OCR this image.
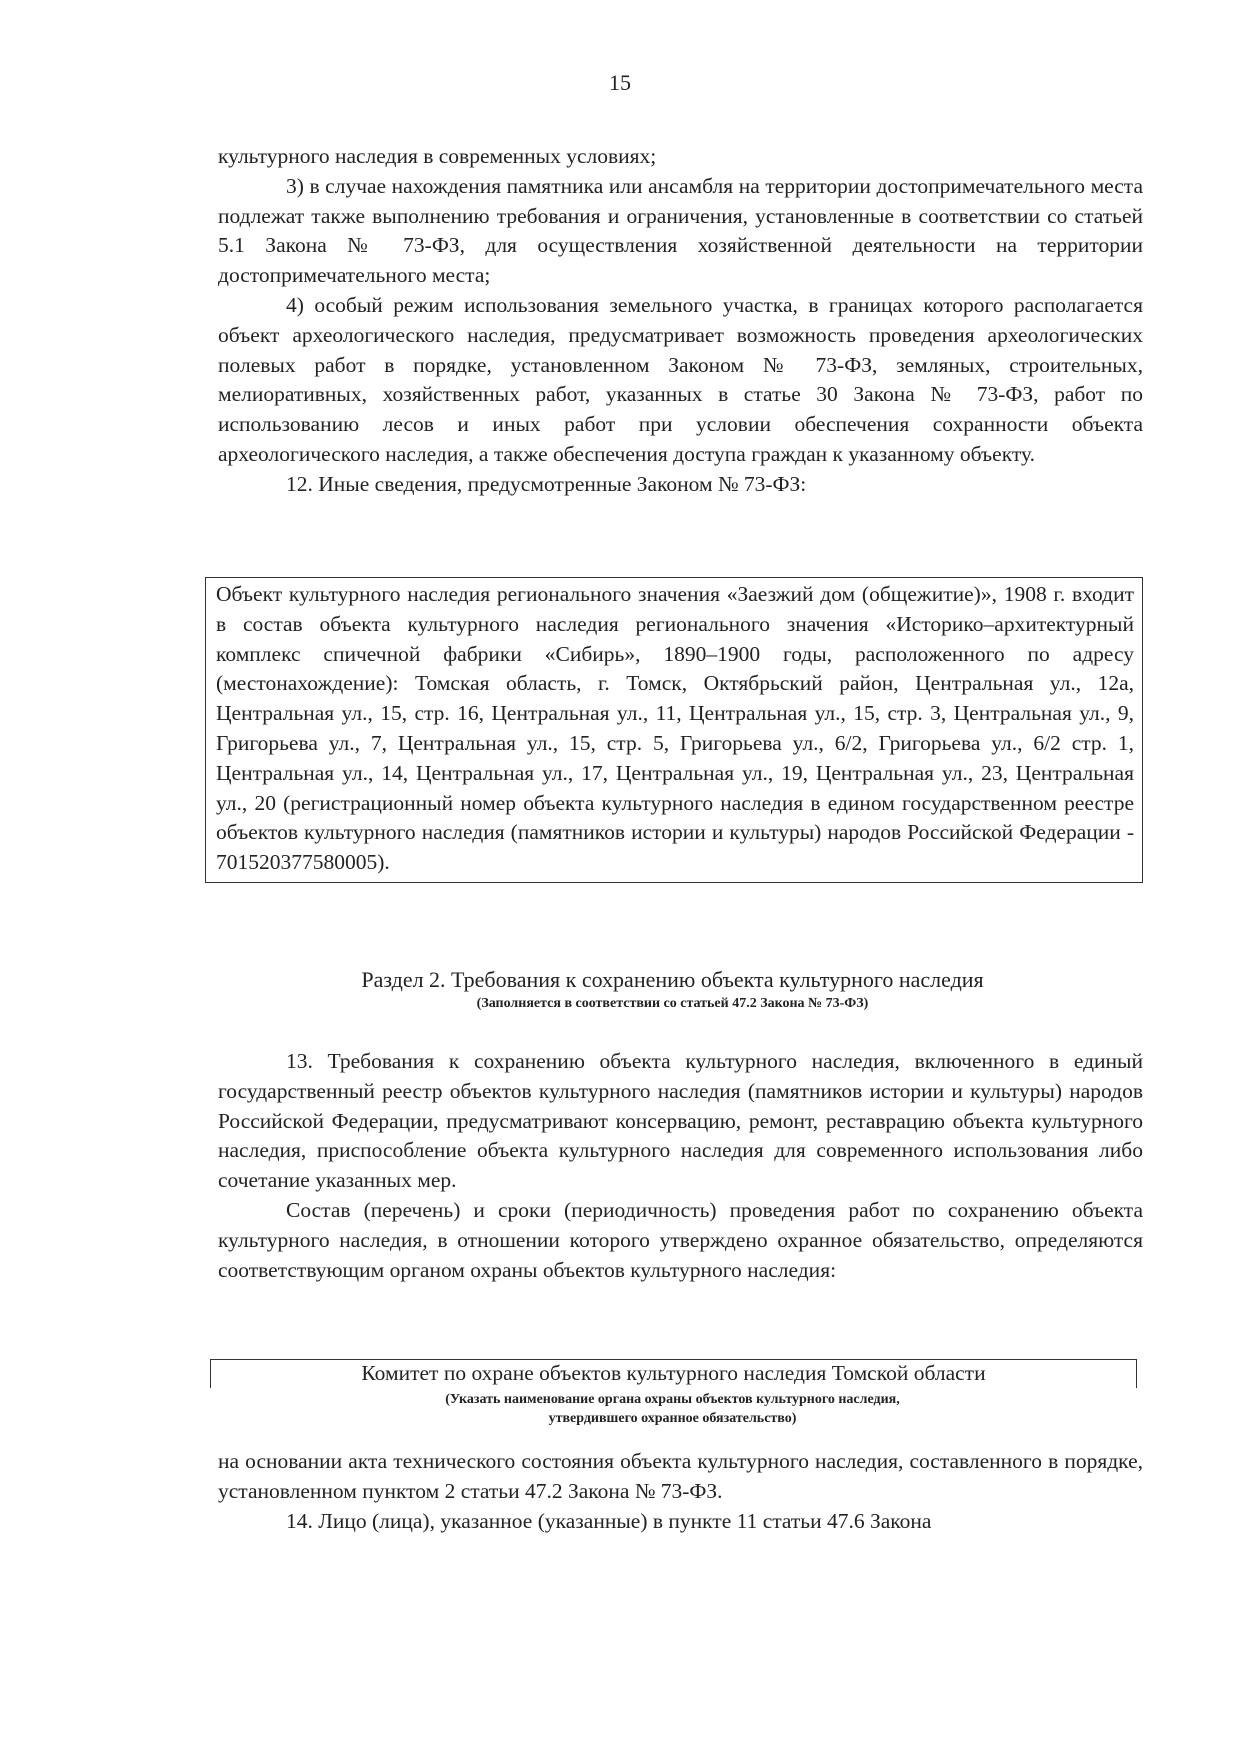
15

культурного наследия в современных условиях;

3) в случае нахождения памятника или ансамбля на территории достопримечательного места подлежат также выполнению требования и ограничения, установленные в соответствии со статьей 5.1 Закона № 73-ФЗ, для осуществления хозяйственной деятельности на территории достопримечательного места;

4) особый режим использования земельного участка, в границах которого располагается объект археологического наследия, предусматривает возможность проведения археологических полевых работ в порядке, установленном Законом № 73-ФЗ, земляных, строительных, мелиоративных, хозяйственных работ, указанных в статье 30 Закона № 73-ФЗ, работ по использованию лесов и иных работ при условии обеспечения сохранности объекта археологического наследия, а также обеспечения доступа граждан к указанному объекту.

12. Иные сведения, предусмотренные Законом № 73-ФЗ:

Объект культурного наследия регионального значения «Заезжий дом (общежитие)», 1908 г. входит в состав объекта культурного наследия регионального значения «Историко–архитектурный комплекс спичечной фабрики «Сибирь», 1890–1900 годы, расположенного по адресу (местонахождение): Томская область, г. Томск, Октябрьский район, Центральная ул., 12а, Центральная ул., 15, стр. 16, Центральная ул., 11, Центральная ул., 15, стр. 3, Центральная ул., 9, Григорьева ул., 7, Центральная ул., 15, стр. 5, Григорьева ул., 6/2, Григорьева ул., 6/2 стр. 1, Центральная ул., 14, Центральная ул., 17, Центральная ул., 19, Центральная ул., 23, Центральная ул., 20 (регистрационный номер объекта культурного наследия в едином государственном реестре объектов культурного наследия (памятников истории и культуры) народов Российской Федерации - 701520377580005).

Раздел 2. Требования к сохранению объекта культурного наследия
(Заполняется в соответствии со статьей 47.2 Закона № 73-ФЗ)

13. Требования к сохранению объекта культурного наследия, включенного в единый государственный реестр объектов культурного наследия (памятников истории и культуры) народов Российской Федерации, предусматривают консервацию, ремонт, реставрацию объекта культурного наследия, приспособление объекта культурного наследия для современного использования либо сочетание указанных мер.

Состав (перечень) и сроки (периодичность) проведения работ по сохранению объекта культурного наследия, в отношении которого утверждено охранное обязательство, определяются соответствующим органом охраны объектов культурного наследия:

Комитет по охране объектов культурного наследия Томской области
(Указать наименование органа охраны объектов культурного наследия,
утвердившего охранное обязательство)

на основании акта технического состояния объекта культурного наследия, составленного в порядке, установленном пунктом 2 статьи 47.2 Закона № 73-ФЗ.

14. Лицо (лица), указанное (указанные) в пункте 11 статьи 47.6 Закона
